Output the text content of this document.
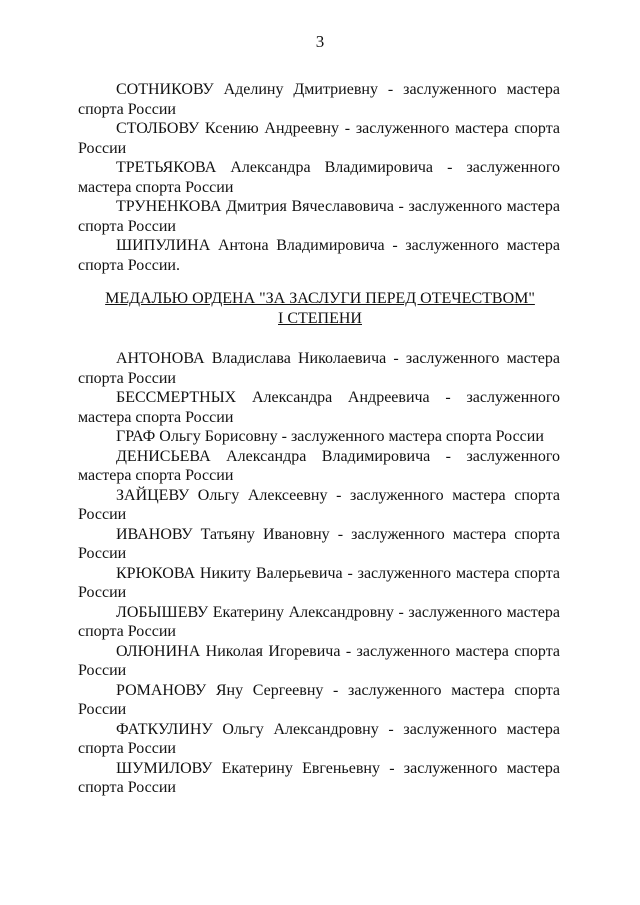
3

СОТНИКОВУ Аделину Дмитриевну - заслуженного мастера спорта России

СТОЛБОВУ Ксению Андреевну - заслуженного мастера спорта России

ТРЕТЬЯКОВА Александра Владимировича - заслуженного мастера спорта России

ТРУНЕНКОВА Дмитрия Вячеславовича - заслуженного мастера спорта России

ШИПУЛИНА Антона Владимировича - заслуженного мастера спорта России.

МЕДАЛЬЮ ОРДЕНА "ЗА ЗАСЛУГИ ПЕРЕД ОТЕЧЕСТВОМ"
I СТЕПЕНИ

АНТОНОВА Владислава Николаевича - заслуженного мастера спорта России

БЕССМЕРТНЫХ Александра Андреевича - заслуженного мастера спорта России

ГРАФ Ольгу Борисовну - заслуженного мастера спорта России

ДЕНИСЬЕВА Александра Владимировича - заслуженного мастера спорта России

ЗАЙЦЕВУ Ольгу Алексеевну - заслуженного мастера спорта России

ИВАНОВУ Татьяну Ивановну - заслуженного мастера спорта России

КРЮКОВА Никиту Валерьевича - заслуженного мастера спорта России

ЛОБЫШЕВУ Екатерину Александровну - заслуженного мастера спорта России

ОЛЮНИНА Николая Игоревича - заслуженного мастера спорта России

РОМАНОВУ Яну Сергеевну - заслуженного мастера спорта России

ФАТКУЛИНУ Ольгу Александровну - заслуженного мастера спорта России

ШУМИЛОВУ Екатерину Евгеньевну - заслуженного мастера спорта России
